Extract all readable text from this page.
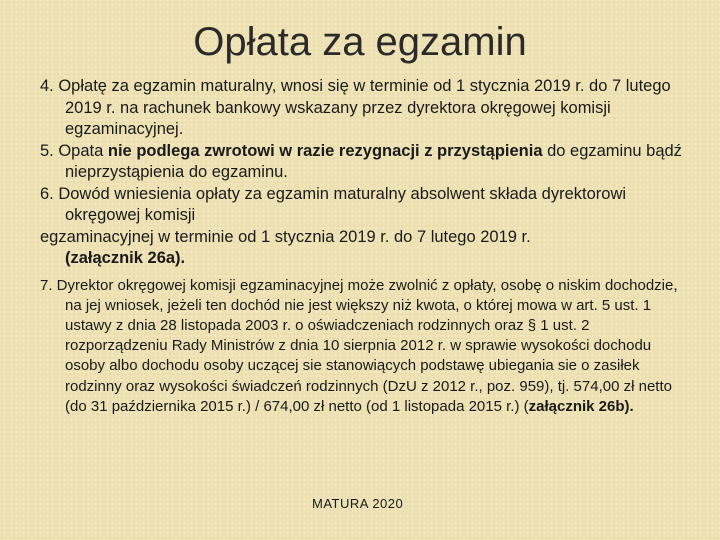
Opłata za egzamin

4. Opłatę za egzamin maturalny, wnosi się w terminie od 1 stycznia 2019 r. do 7 lutego 2019 r. na rachunek bankowy wskazany przez dyrektora okręgowej komisji egzaminacyjnej.

5. Opata nie podlega zwrotowi w razie rezygnacji z przystąpienia do egzaminu bądź nieprzystąpienia do egzaminu.

6. Dowód wniesienia opłaty za egzamin maturalny absolwent składa dyrektorowi okręgowej komisji

egzaminacyjnej w terminie od 1 stycznia 2019 r. do 7 lutego 2019 r.
(załącznik 26a).

7. Dyrektor okręgowej komisji egzaminacyjnej może zwolnić z opłaty, osobę o niskim dochodzie, na jej wniosek, jeżeli ten dochód nie jest większy niż kwota, o której mowa w art. 5 ust. 1 ustawy z dnia 28 listopada 2003 r. o oświadczeniach rodzinnych oraz § 1 ust. 2 rozporządzeniu Rady Ministrów z dnia 10 sierpnia 2012 r. w sprawie wysokości dochodu osoby albo dochodu osoby uczącej sie stanowiących podstawę ubiegania sie o zasiłek rodzinny oraz wysokości świadczeń rodzinnych (DzU z 2012 r., poz. 959), tj. 574,00 zł netto (do 31 października 2015 r.) / 674,00 zł netto (od 1 listopada 2015 r.) (załącznik 26b).

MATURA 2020
